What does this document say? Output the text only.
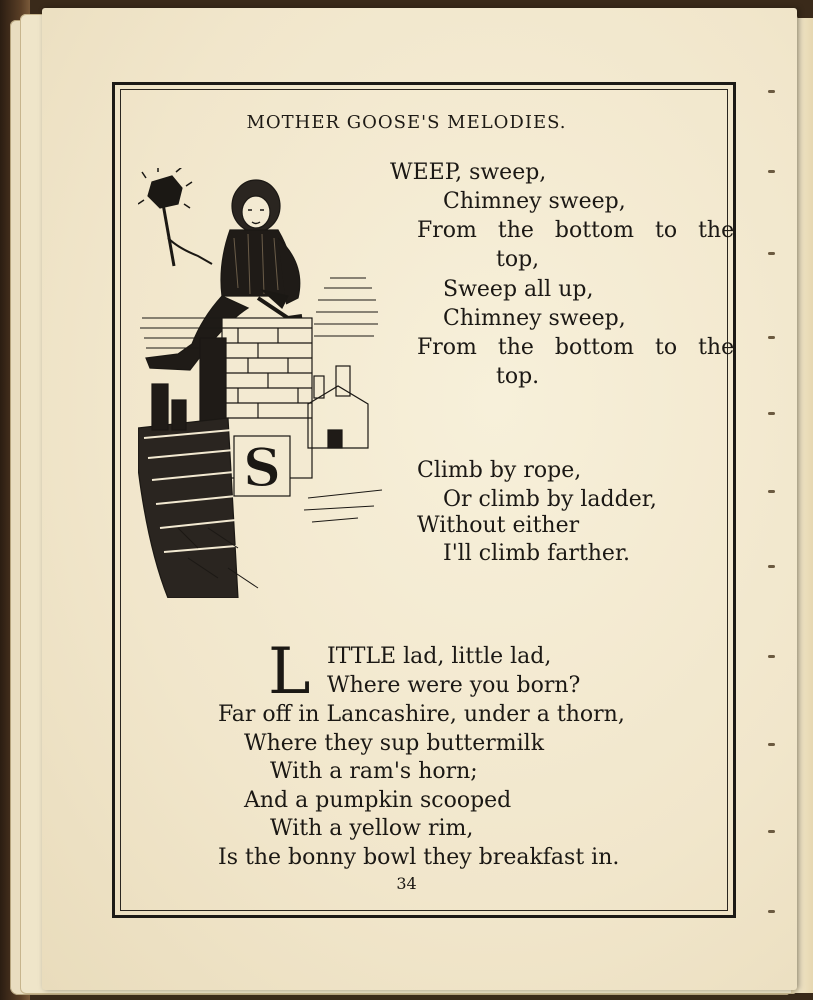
MOTHER GOOSE'S MELODIES.
S
WEEP, sweep,
Chimney sweep,
From the bottom to the
top,
Sweep all up,
Chimney sweep,
From the bottom to the
top.
Climb by rope,
Or climb by ladder,
Without either
I'll climb farther.
L ITTLE lad, little lad,
Where were you born?
Far off in Lancashire, under a thorn,
Where they sup buttermilk
With a ram's horn;
And a pumpkin scooped
With a yellow rim,
Is the bonny bowl they breakfast in.
34
